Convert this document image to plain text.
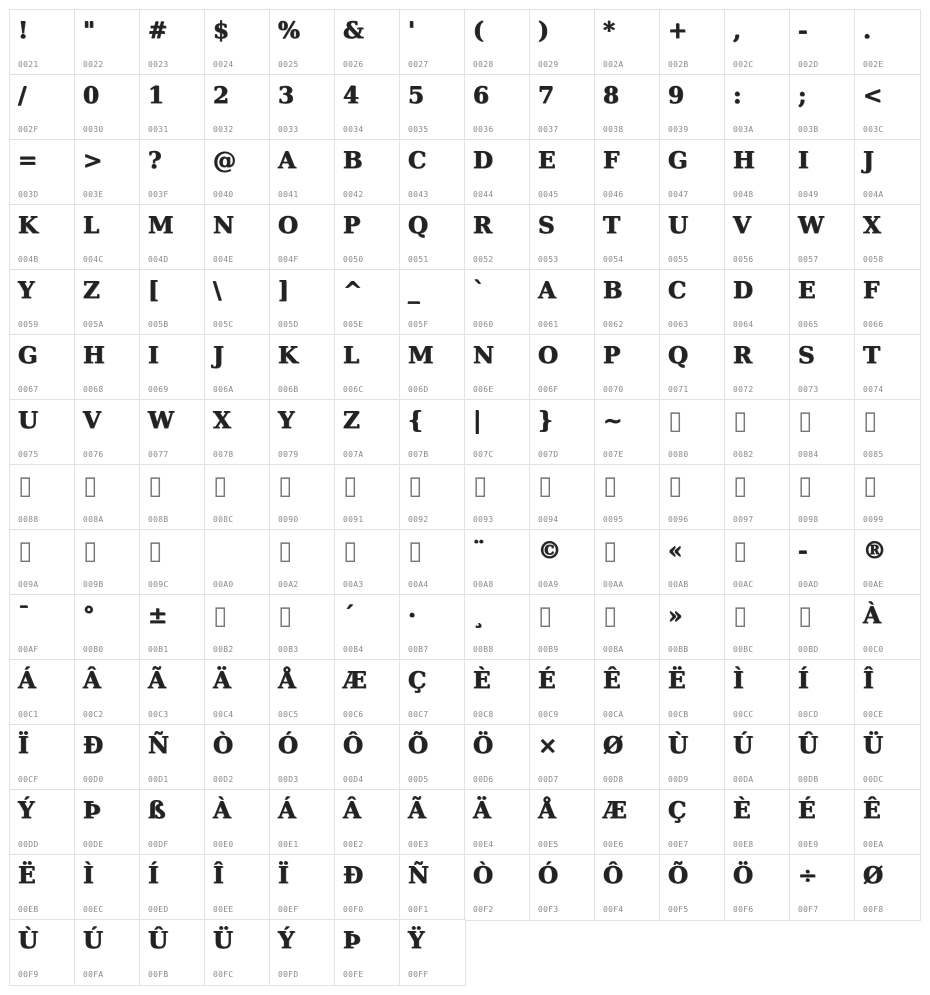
!
0021
"
0022
#
0023
$
0024
%
0025
&
0026
'
0027
(
0028
)
0029
*
002A
+
002B
,
002C
-
002D
.
002E
/
002F
0
0030
1
0031
2
0032
3
0033
4
0034
5
0035
6
0036
7
0037
8
0038
9
0039
:
003A
;
003B
<
003C
=
003D
>
003E
?
003F
@
0040
A
0041
B
0042
C
0043
D
0044
E
0045
F
0046
G
0047
H
0048
I
0049
J
004A
K
004B
L
004C
M
004D
N
004E
O
004F
P
0050
Q
0051
R
0052
S
0053
T
0054
U
0055
V
0056
W
0057
X
0058
Y
0059
Z
005A
[
005B
\
005C
]
005D
^
005E
_
005F
`
0060
A
0061
B
0062
C
0063
D
0064
E
0065
F
0066
G
0067
H
0068
I
0069
J
006A
K
006B
L
006C
M
006D
N
006E
O
006F
P
0070
Q
0071
R
0072
S
0073
T
0074
U
0075
V
0076
W
0077
X
0078
Y
0079
Z
007A
{
007B
|
007C
}
007D
~
007E
▯
0080
▯
0082
▯
0084
▯
0085
▯
0088
▯
008A
▯
008B
▯
008C
▯
0090
▯
0091
▯
0092
▯
0093
▯
0094
▯
0095
▯
0096
▯
0097
▯
0098
▯
0099
▯
009A
▯
009B
▯
009C	00A0
▯
00A2
▯
00A3
▯
00A4
¨
00A8
©
00A9
▯
00AA
«
00AB
▯
00AC
-
00AD
®
00AE
¯
00AF
°
00B0
±
00B1
▯
00B2
▯
00B3
´
00B4
·
00B7
¸
00B8
▯
00B9
▯
00BA
»
00BB
▯
00BC
▯
00BD
À
00C0
Á
00C1
Â
00C2
Ã
00C3
Ä
00C4
Å
00C5
Æ
00C6
Ç
00C7
È
00C8
É
00C9
Ê
00CA
Ë
00CB
Ì
00CC
Í
00CD
Î
00CE
Ï
00CF
Ð
00D0
Ñ
00D1
Ò
00D2
Ó
00D3
Ô
00D4
Õ
00D5
Ö
00D6
×
00D7
Ø
00D8
Ù
00D9
Ú
00DA
Û
00DB
Ü
00DC
Ý
00DD
Þ
00DE
ß
00DF
À
00E0
Á
00E1
Â
00E2
Ã
00E3
Ä
00E4
Å
00E5
Æ
00E6
Ç
00E7
È
00E8
É
00E9
Ê
00EA
Ë
00EB
Ì
00EC
Í
00ED
Î
00EE
Ï
00EF
Ð
00F0
Ñ
00F1
Ò
00F2
Ó
00F3
Ô
00F4
Õ
00F5
Ö
00F6
÷
00F7
Ø
00F8
Ù
00F9
Ú
00FA
Û
00FB
Ü
00FC
Ý
00FD
Þ
00FE
Ÿ
00FF
